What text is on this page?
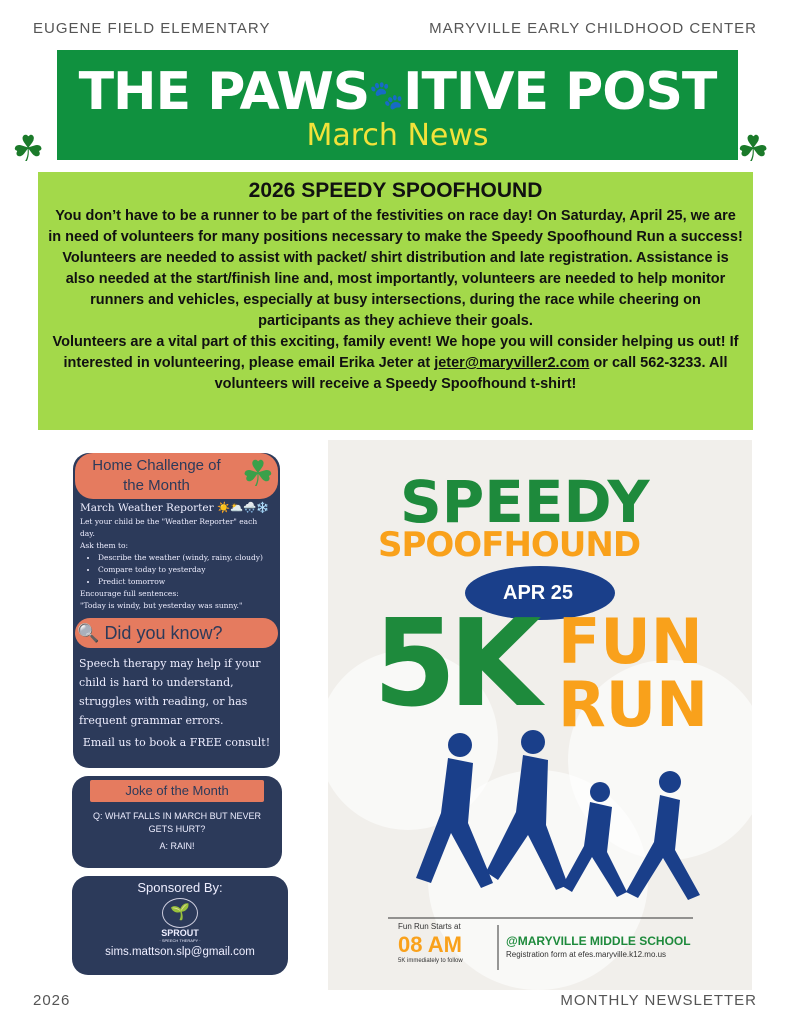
EUGENE FIELD ELEMENTARY	MARYVILLE EARLY CHILDHOOD CENTER
THE PAWS🐾ITIVE POST
March News
☘	☘
2026 SPEEDY SPOOFHOUND

You don’t have to be a runner to be part of the festivities on race day! On Saturday, April 25, we are in need of volunteers for many positions necessary to make the Speedy Spoofhound Run a success!

Volunteers are needed to assist with packet/ shirt distribution and late registration. Assistance is also needed at the start/finish line and, most importantly, volunteers are needed to help monitor runners and vehicles, especially at busy intersections, during the race while cheering on participants as they achieve their goals.

Volunteers are a vital part of this exciting, family event! We hope you will consider helping us out! If interested in volunteering, please email Erika Jeter at jeter@maryviller2.com or call 562-3233. All volunteers will receive a Speedy Spoofhound t-shirt!

Home Challenge of the Month	☘
March Weather Reporter ☀️🌥️🌨️❄️
Let your child be the "Weather Reporter" each day.
Ask them to:
• Describe the weather (windy, rainy, cloudy)
• Compare today to yesterday
• Predict tomorrow
Encourage full sentences:
"Today is windy, but yesterday was sunny."
🔍 Did you know?
Speech therapy may help if your child is hard to understand, struggles with reading, or has frequent grammar errors.
Email us to book a FREE consult!
Joke of the Month
Q: WHAT FALLS IN MARCH BUT NEVER GETS HURT?
A: RAIN!
Sponsored By:
🌱
SPROUT
· SPEECH THERAPY ·
sims.mattson.slp@gmail.com
SPEEDY
SPOOFHOUND
APR 25
5K FUN
RUN
Fun Run Starts at
08 AM
5K immediately to follow
@MARYVILLE MIDDLE SCHOOL
Registration form at efes.maryville.k12.mo.us
2026	MONTHLY NEWSLETTER
